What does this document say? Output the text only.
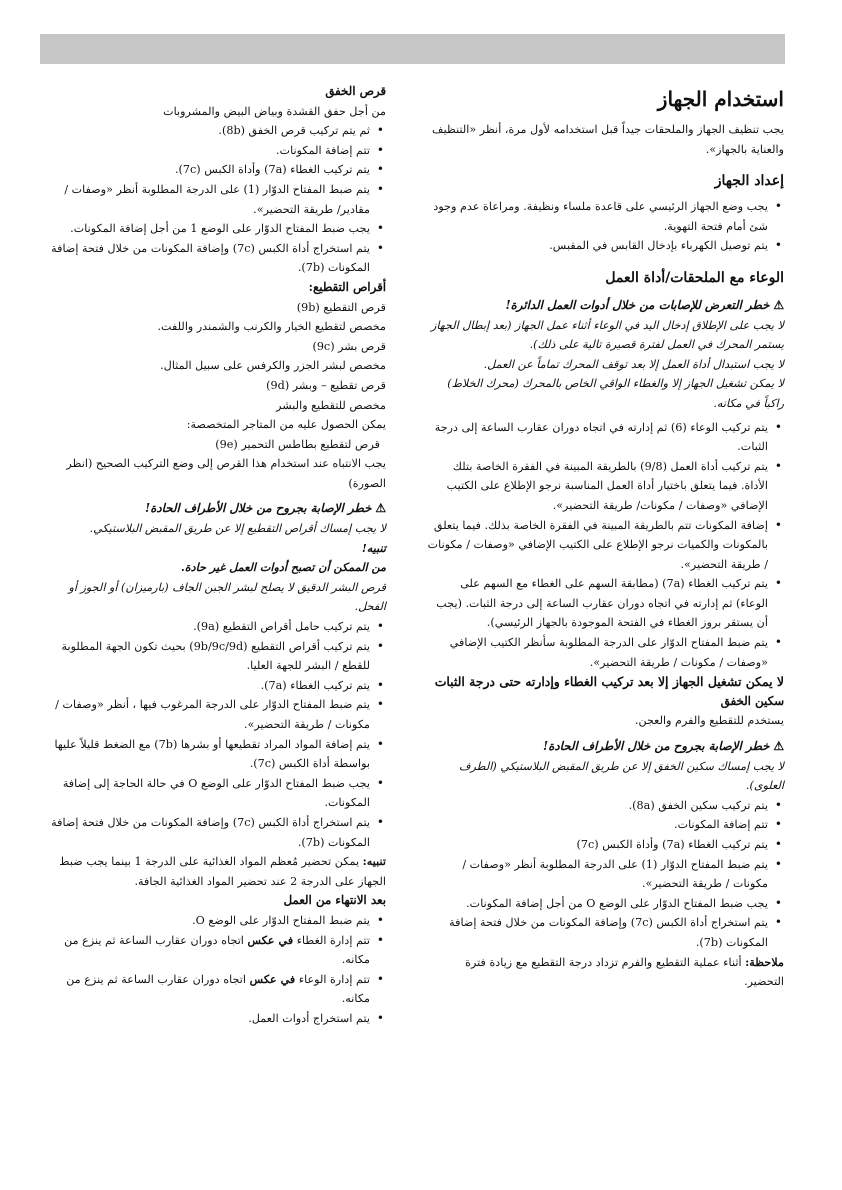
استخدام الجهاز

يجب تنظيف الجهاز والملحقات جيداً قبل استخدامه لأول مرة، أنظر «التنظيف والعناية بالجهاز».

إعداد الجهاز
• يجب وضع الجهاز الرئيسي على قاعدة ملساء ونظيفة. ومراعاة عدم وجود شئ أمام فتحة التهوية.
• يتم توصيل الكهرباء بإدخال القابس في المقبس.
الوعاء مع الملحقات/أداة العمل
⚠خطر التعرض للإصابات من خلال أدوات العمل الدائرة!

لا يجب على الإطلاق إدخال اليد في الوعاء أثناء عمل الجهاز (بعد إبطال الجهاز يستمر المحرك في العمل لفترة قصيرة تالية على ذلك).

لا يجب استبدال أداة العمل إلا بعد توقف المحرك تماماً عن العمل.

لا يمكن تشغيل الجهاز إلا والغطاء الواقي الخاص بالمحرك (محرك الخلاط) راكباً في مكانه.

• يتم تركيب الوعاء (6) ثم إدارته في اتجاه دوران عقارب الساعة إلى درجة الثبات.
• يتم تركيب أداة العمل (9/8) بالطريقة المبينة في الفقرة الخاصة بتلك الأداة. فيما يتعلق باختيار أداة العمل المناسبة نرجو الإطلاع على الكتيب الإضافي «وصفات / مكونات/ طريقة التحضير».
• إضافة المكونات تتم بالطريقة المبينة في الفقرة الخاصة بذلك. فيما يتعلق بالمكونات والكميات نرجو الإطلاع على الكتيب الإضافي «وصفات / مكونات / طريقة التحضير».
• يتم تركيب الغطاء (7a) (مطابقة السهم على الغطاء مع السهم على الوعاء) ثم إدارته في اتجاه دوران عقارب الساعة إلى درجة الثبات. (يجب أن يستقر بروز الغطاء في الفتحة الموجودة بالجهاز الرئيسي).
• يتم ضبط المفتاح الدوّار على الدرجة المطلوبة سأنظر الكتيب الإضافي «وصفات / مكونات / طريقة التحضير».

لا يمكن تشغيل الجهاز إلا بعد تركيب الغطاء وإدارته حتى درجة الثبات

سكين الخفق

يستخدم للتقطيع والفرم والعجن.

⚠خطر الإصابة بجروح من خلال الأطراف الحادة!

لا يجب إمساك سكين الخفق إلا عن طريق المقبض البلاستيكي (الطرف العلوى).

• يتم تركيب سكين الخفق (8a).
• تتم إضافة المكونات.
• يتم تركيب الغطاء (7a) وأداة الكبس (7c)
• يتم ضبط المفتاح الدوّار (1) على الدرجة المطلوبة أنظر «وصفات / مكونات / طريقة التحضير».
• يجب ضبط المفتاح الدوّار على الوضع O من أجل إضافة المكونات.
• يتم استخراج أداة الكبس (7c) وإضافة المكونات من خلال فتحة إضافة المكونات (7b).

ملاحظة: أثناء عملية التقطيع والفرم تزداد درجة التقطيع مع زيادة فترة التحضير.

قرص الخفق

من أجل حفق القشدة وبياض البيض والمشروبات

• ثم يتم تركيب قرص الخفق (8b).
• تتم إضافة المكونات.
• يتم تركيب الغطاء (7a) وأداة الكبس (7c).
• يتم ضبط المفتاح الدوّار (1) على الدرجة المطلوبة أنظر «وصفات / مقادير/ طريقة التحضير».
• يجب ضبط المفتاح الدوّار على الوضع 1 من أجل إضافة المكونات.
• يتم استخراج أداة الكبس (7c) وإضافة المكونات من خلال فتحة إضافة المكونات (7b).
أقراص التقطيع:

قرص التقطيع (9b)

مخصص لتقطيع الخيار والكرنب والشمندر واللفت.

قرص بشر (9c)

مخصص لبشر الجزر والكرفس على سبيل المثال.

قرص تقطيع – وبشر (9d)

مخصص للتقطيع والبشر

يمكن الحصول عليه من المتاجر المتخصصة:

قرص لتقطيع بطاطس التحمير (9e)

يجب الانتباه عند استخدام هذا القرص إلى وضع التركيب الصحيح (انظر الصورة)

⚠خطر الإصابة بجروح من خلال الأطراف الحادة!

لا يجب إمساك أقراص التقطيع إلا عن طريق المقبض البلاستيكي.

تنبيه!

من الممكن أن تصبح أدوات العمل غير حادة.

قرص البشر الدقيق لا يصلح لبشر الجبن الجاف (بارميزان) أو الجوز أو الفحل.

• يتم تركيب حامل أقراص التقطيع (9a).
• يتم تركيب أقراص التقطيع (9b/9c/9d) بحيث تكون الجهة المطلوبة للقطع / البشر للجهة العليا.
• يتم تركيب الغطاء (7a).
• يتم ضبط المفتاح الدوّار على الدرجة المرغوب فيها ، أنظر «وصفات / مكونات / طريقة التحضير».
• يتم إضافة المواد المراد تقطيعها أو بشرها (7b) مع الضغط قليلاً عليها بواسطة أداة الكبس (7c).
• يجب ضبط المفتاح الدوّار على الوضع O في حالة الحاجة إلى إضافة المكونات.
• يتم استخراج أداة الكبس (7c) وإضافة المكونات من خلال فتحة إضافة المكونات (7b).

تنبيه: يمكن تحضير مُعظم المواد الغذائية على الدرجة 1 بينما يجب ضبط الجهاز على الدرجة 2 عند تحضير المواد الغذائية الجافة.

بعد الانتهاء من العمل
• يتم ضبط المفتاح الدوّار على الوضع O.
• تتم إدارة الغطاء في عكس اتجاه دوران عقارب الساعة ثم ينزع من مكانه.
• تتم إدارة الوعاء في عكس اتجاه دوران عقارب الساعة ثم ينزع من مكانه.
• يتم استخراج أدوات العمل.
